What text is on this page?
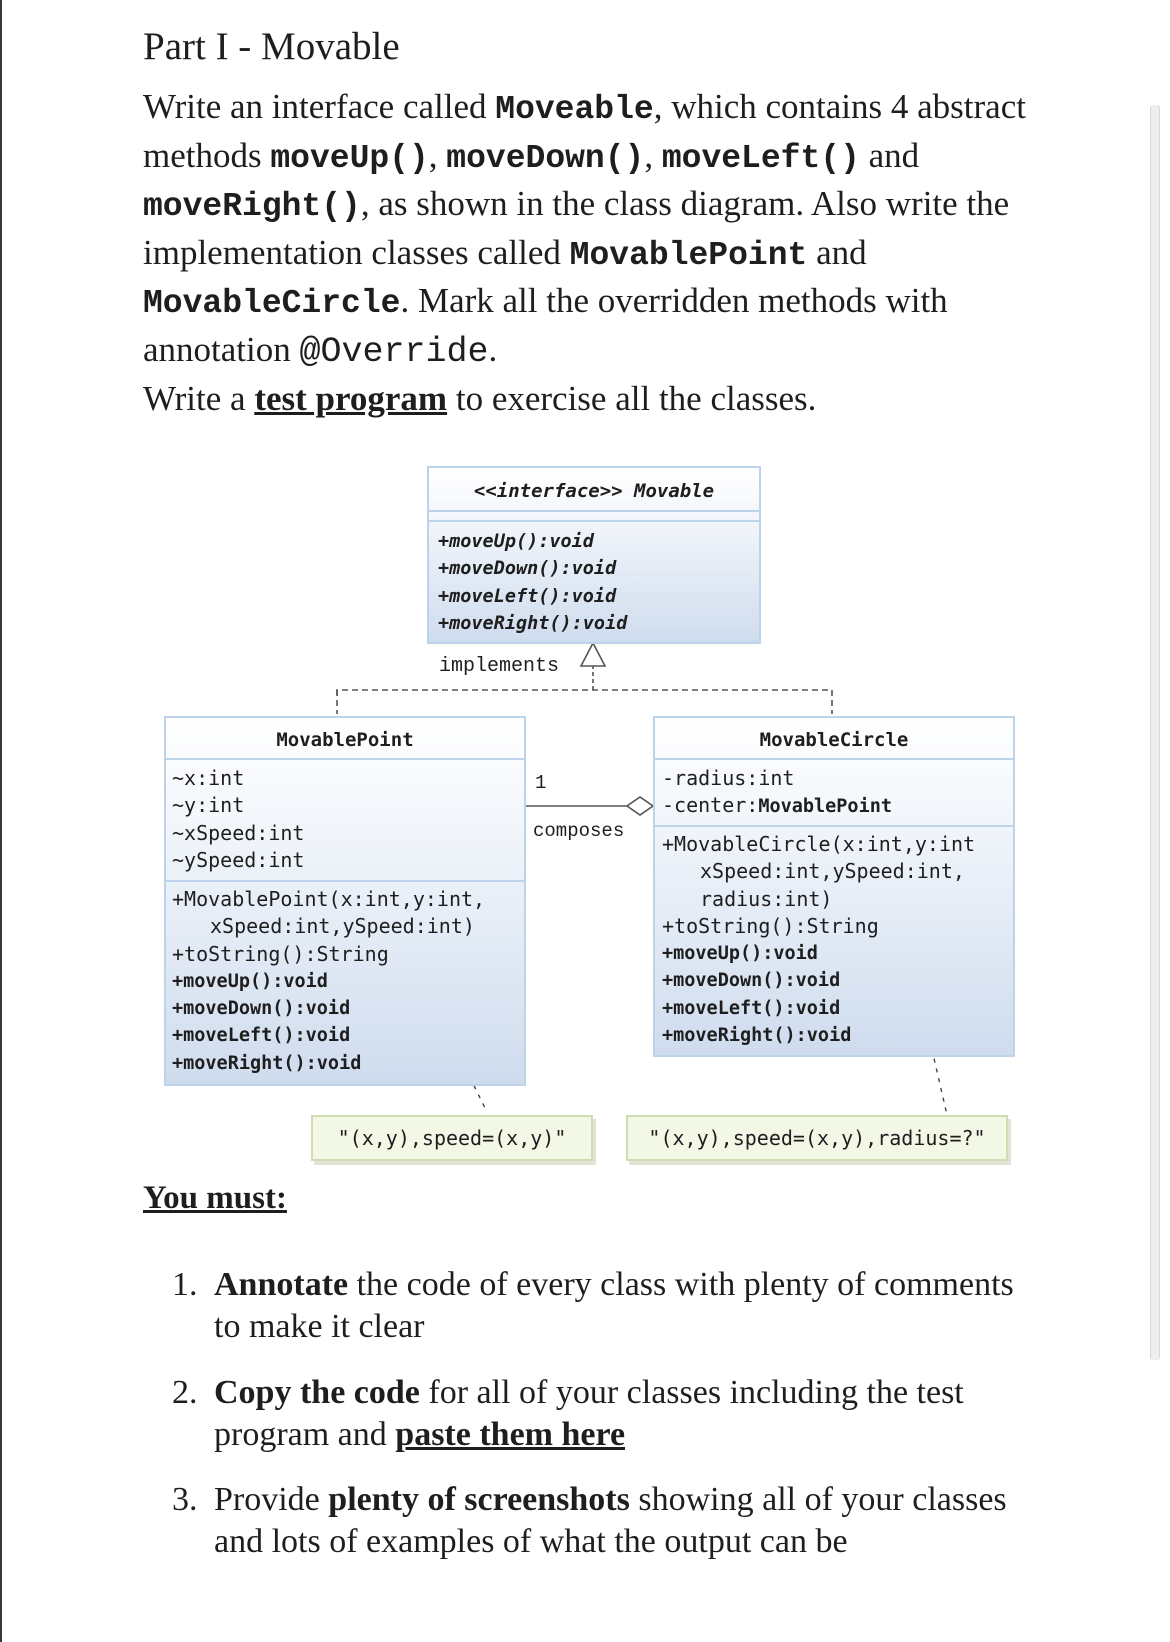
Part I - Movable
Write an interface called Moveable, which contains 4 abstract methods moveUp(), moveDown(), moveLeft() and moveRight(), as shown in the class diagram. Also write the implementation classes called MovablePoint and MovableCircle. Mark all the overridden methods with annotation @Override.
Write a test program to exercise all the classes.
<<interface>> Movable
+moveUp():void
+moveDown():void
+moveLeft():void
+moveRight():void
implements
MovablePoint
~x:int
~y:int
~xSpeed:int
~ySpeed:int
+MovablePoint(x:int,y:int,
xSpeed:int,ySpeed:int)
+toString():String
+moveUp():void
+moveDown():void
+moveLeft():void
+moveRight():void
1
composes
MovableCircle
-radius:int
-center:MovablePoint
+MovableCircle(x:int,y:int
xSpeed:int,ySpeed:int,
radius:int)
+toString():String
+moveUp():void
+moveDown():void
+moveLeft():void
+moveRight():void
"(x,y),speed=(x,y)"	"(x,y),speed=(x,y),radius=?"
You must:
1. Annotate the code of every class with plenty of comments to make it clear
2. Copy the code for all of your classes including the test program and paste them here
3. Provide plenty of screenshots showing all of your classes and lots of examples of what the output can be
